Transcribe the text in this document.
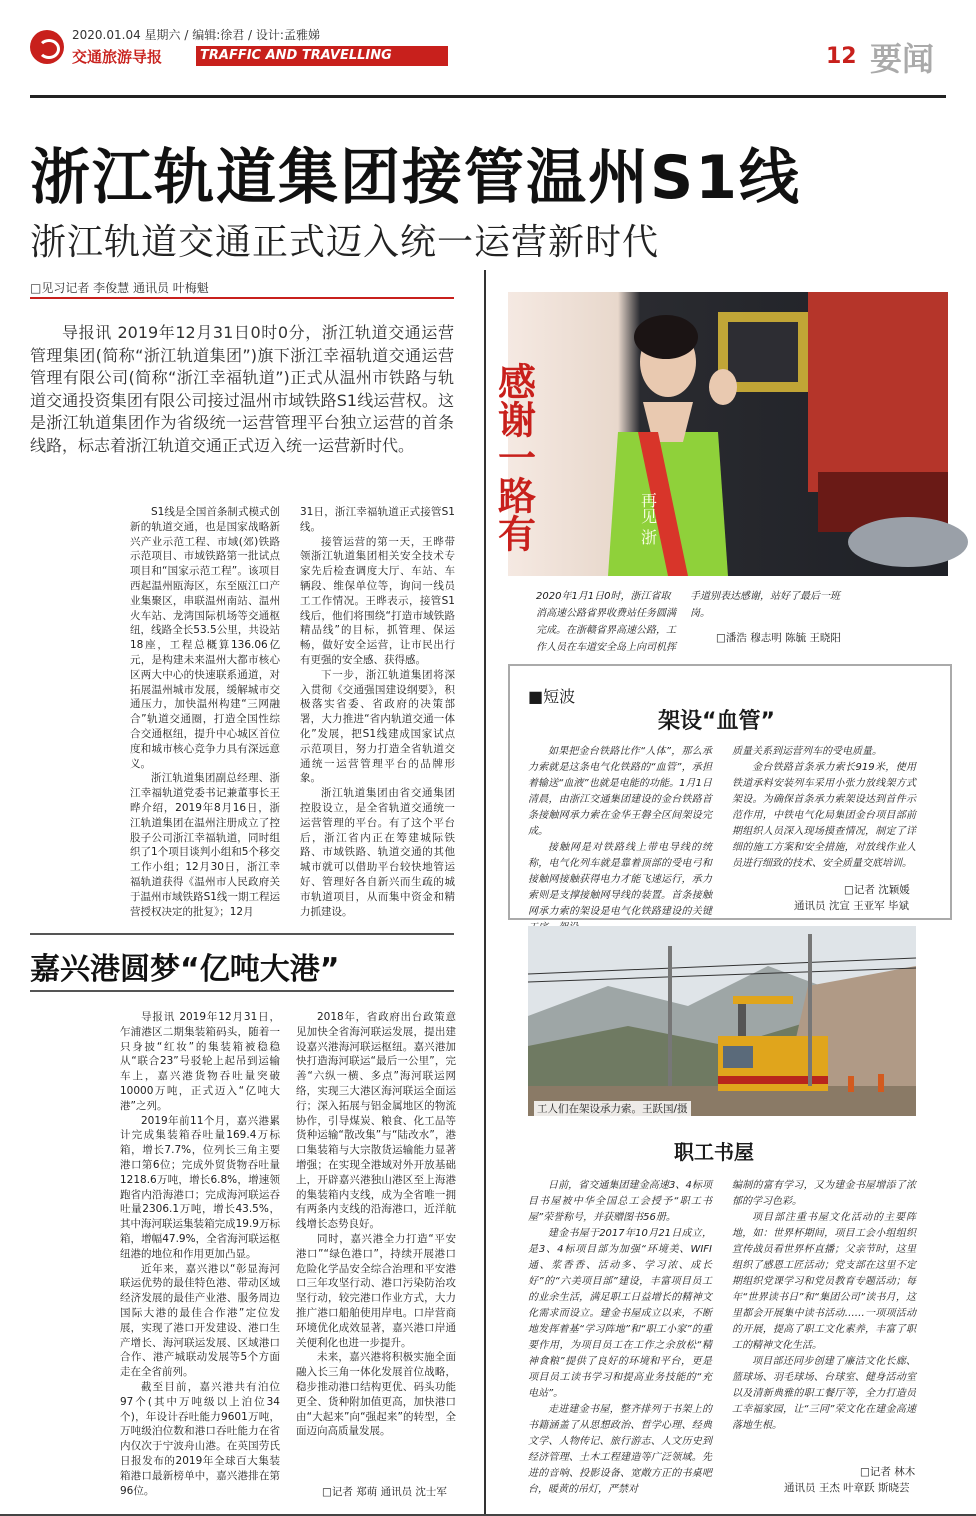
2020.01.04 星期六 / 编辑:徐君 / 设计:孟雅娣
交通旅游导报	TRAFFIC AND TRAVELLING	12 要闻
浙江轨道集团接管温州S1线
浙江轨道交通正式迈入统一运营新时代
□见习记者 李俊慧 通讯员 叶梅魁
导报讯 2019年12月31日0时0分，浙江轨道交通运营管理集团(简称“浙江轨道集团”)旗下浙江幸福轨道交通运营管理有限公司(简称“浙江幸福轨道”)正式从温州市铁路与轨道交通投资集团有限公司接过温州市域铁路S1线运营权。这是浙江轨道集团作为省级统一运营管理平台独立运营的首条线路，标志着浙江轨道交通正式迈入统一运营新时代。

S1线是全国首条制式模式创新的轨道交通，也是国家战略新兴产业示范工程、市域(郊)铁路示范项目、市域铁路第一批试点项目和“国家示范工程”。该项目西起温州瓯海区，东至瓯江口产业集聚区，串联温州南站、温州火车站、龙湾国际机场等交通枢纽，线路全长53.5公里，共设站18座，工程总概算136.06亿元，是构建未来温州大都市核心区两大中心的快速联系通道，对拓展温州城市发展，缓解城市交通压力，加快温州构建“三网融合”轨道交通圈，打造全国性综合交通枢纽，提升中心城区首位度和城市核心竞争力具有深远意义。

浙江轨道集团副总经理、浙江幸福轨道党委书记兼董事长王晔介绍，2019年8月16日，浙江轨道集团在温州注册成立了控股子公司浙江幸福轨道，同时组织了1个项目谈判小组和5个移交工作小组；12月30日，浙江幸福轨道获得《温州市人民政府关于温州市域铁路S1线一期工程运营授权决定的批复》；12月

31日，浙江幸福轨道正式接管S1线。

接管运营的第一天，王晔带领浙江轨道集团相关安全技术专家先后检查调度大厅、车站、车辆段、维保单位等，询问一线员工工作情况。王晔表示，接管S1线后，他们将围绕“打造市域铁路精品线”的目标，抓管理、保运畅，做好安全运营，让市民出行有更强的安全感、获得感。

下一步，浙江轨道集团将深入贯彻《交通强国建设纲要》，积极落实省委、省政府的决策部署，大力推进“省内轨道交通一体化”发展，把S1线建成国家试点示范项目，努力打造全省轨道交通统一运营管理平台的品牌形象。

浙江轨道集团由省交通集团控股设立，是全省轨道交通统一运营管理的平台。有了这个平台后，浙江省内正在筹建城际铁路、市域铁路、轨道交通的其他城市就可以借助平台较快地管运好、管理好各自新兴而生疏的城市轨道项目，从而集中资金和精力抓建设。

感谢一路有	再见 浙
2020年1月1日0时，浙江省取消高速公路省界收费站任务圆满完成。在浙赣省界高速公路，工作人员在车道安全岛上向司机挥
手道别表达感谢，站好了最后一班岗。
□潘浩 穆志明 陈毓 王晓阳
■短波
架设“血管”

如果把金台铁路比作“人体”，那么承力索就是这条电气化铁路的“血管”，承担着输送“血液”也就是电能的功能。1月1日清晨，由浙江交通集团建设的金台铁路首条接触网承力索在金华王磐全区间架设完成。

接触网是对铁路线上带电导线的统称，电气化列车就是靠着顶部的受电弓和接触网接触获得电力才能飞速运行，承力索则是支撑接触网导线的装置。首条接触网承力索的架设是电气化铁路建设的关键

质量关系到运营列车的受电质量。

金台铁路首条承力索长919米，使用铁道承料安装列车采用小张力放线架方式架设。为确保首条承力索架设达到首件示范作用，中铁电气化局集团金台项目部前期组织人员深入现场摸查情况，制定了详细的施工方案和安全措施，对放线作业人员进行细致的技术、安全质量交底培训。

□记者 沈颖媛
通讯员 沈宣 王亚军 毕斌
工人们在架设承力索。王跃国/摄
职工书屋

日前，省交通集团建金高速3、4标项目书屋被中华全国总工会授予“职工书屋”荣誉称号，并获赠图书56册。

建金书屋于2017年10月21日成立，是3、4标项目部为加强“环境美、WIFI通、浆香香、活动多、学习浓、成长好”的“六美项目部”建设，丰富项目员工的业余生活，满足职工日益增长的精神文化需求而设立。建金书屋成立以来，不断地发挥着基“学习阵地”和“职工小家”的重要作用，为项目员工在工作之余放松“精神食粮”提供了良好的环境和平台，更是项目员工读书学习和提高业务技能的“充电站”。

走进建金书屋，整齐排列于书架上的书籍涵盖了从思想政治、哲学心理、经典文学、人物传记、旅行游志、人文历史到经济管理、土木工程建造等广泛领域。先进的音响、投影设备、宽敞方正的书桌吧台，暖黄的吊灯，严禁对

编制的富有学习，又为建金书屋增添了浓郁的学习色彩。

项目部注重书屋文化活动的主要阵地，如：世界杯期间，项目工会小组组织宣传战员看世界杯直播；父亲节时，这里组织了感恩工匠活动；党支部在这里不定期组织党课学习和党员教育专题活动；每年“世界读书日”和“集团公司”读书月，这里都会开展集中读书活动……一项项活动的开展，提高了职工文化素养，丰富了职工的精神文化生活。

项目部还同步创建了廉洁文化长廊、篮球场、羽毛球场、台球室、健身活动室以及清新典雅的职工餐厅等，全力打造员工幸福家园，让“三同”荣文化在建金高速落地生根。

□记者 林木
通讯员 王杰 叶章跃 斯晓芸
嘉兴港圆梦“亿吨大港”

导报讯 2019年12月31日，乍浦港区二期集装箱码头，随着一只身披“红妆”的集装箱被稳稳从“联合23”号驳轮上起吊到运输车上，嘉兴港货物吞吐量突破10000万吨，正式迈入“亿吨大港”之列。

2019年前11个月，嘉兴港累计完成集装箱吞吐量169.4万标箱，增长7.7%，位列长三角主要港口第6位；完成外贸货物吞吐量1218.6万吨，增长6.8%，增速领跑省内沿海港口；完成海河联运吞吐量2306.1万吨，增长43.5%，其中海河联运集装箱完成19.9万标箱，增幅47.9%，全省海河联运枢纽港的地位和作用更加凸显。

近年来，嘉兴港以“彰显海河联运优势的最佳特色港、带动区域经济发展的最佳产业港、服务周边国际大港的最佳合作港”定位发展，实现了港口开发建设、港口生产增长、海河联运发展、区域港口合作、港产城联动发展等5个方面走在全省前列。

截至目前，嘉兴港共有泊位97个(其中万吨级以上泊位34个)，年设计吞吐能力9601万吨，万吨级泊位数和港口吞吐能力在省内仅次于宁波舟山港。在英国劳氏日报发布的2019年全球百大集装箱港口最新榜单中，嘉兴港排在第96位。

2018年，省政府出台政策意见加快全省海河联运发展，提出建设嘉兴港海河联运枢纽。嘉兴港加快打造海河联运“最后一公里”，完善“六纵一横、多点”海河联运网络，实现三大港区海河联运全面运行；深入拓展与铝金属地区的物流协作，引导煤炭、粮食、化工品等货种运输“散改集”与“陆改水”，港口集装箱与大宗散货运输能力显著增强；在实现全港域对外开放基础上，开辟嘉兴港独山港区至上海港的集装箱内支线，成为全省唯一拥有两条内支线的沿海港口，近洋航线增长态势良好。

同时，嘉兴港全力打造“平安港口”“绿色港口”，持续开展港口危险化学品安全综合治理和平安港口三年攻坚行动、港口污染防治攻坚行动，较完港口作业方式，大力推广港口船舶使用岸电。口岸营商环境优化成效显著，嘉兴港口岸通关便利化也进一步提升。

未来，嘉兴港将积极实施全面融入长三角一体化发展首位战略，稳步推动港口结构更优、码头功能更全、货种附加值更高，加快港口由“大起来”向“强起来”的转型，全面迈向高质量发展。

□记者 郑萌 通讯员 沈士军
